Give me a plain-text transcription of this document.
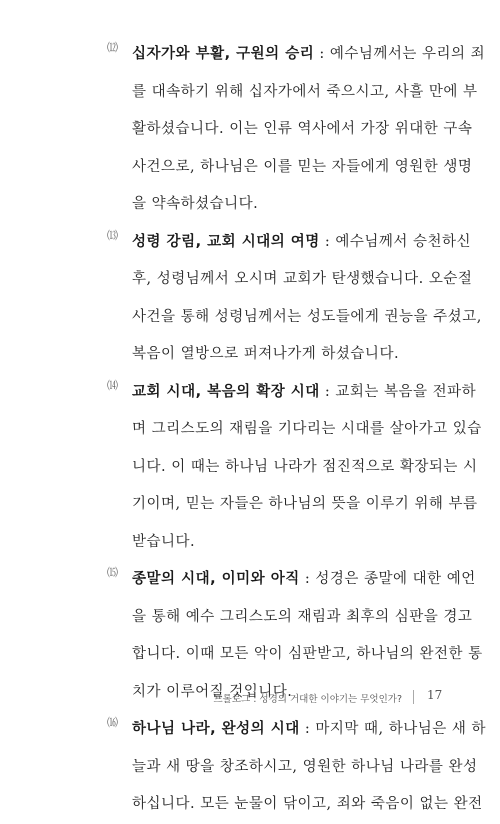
⑿ 십자가와 부활, 구원의 승리 : 예수님께서는 우리의 죄
를 대속하기 위해 십자가에서 죽으시고, 사흘 만에 부
활하셨습니다. 이는 인류 역사에서 가장 위대한 구속
사건으로, 하나님은 이를 믿는 자들에게 영원한 생명
을 약속하셨습니다.
⒀ 성령 강림, 교회 시대의 여명 : 예수님께서 승천하신
후, 성령님께서 오시며 교회가 탄생했습니다. 오순절
사건을 통해 성령님께서는 성도들에게 권능을 주셨고,
복음이 열방으로 퍼져나가게 하셨습니다.
⒁ 교회 시대, 복음의 확장 시대 : 교회는 복음을 전파하
며 그리스도의 재림을 기다리는 시대를 살아가고 있습
니다. 이 때는 하나님 나라가 점진적으로 확장되는 시
기이며, 믿는 자들은 하나님의 뜻을 이루기 위해 부름
받습니다.
⒂ 종말의 시대, 이미와 아직 : 성경은 종말에 대한 예언
을 통해 예수 그리스도의 재림과 최후의 심판을 경고
합니다. 이때 모든 악이 심판받고, 하나님의 완전한 통
치가 이루어질 것입니다.
⒃ 하나님 나라, 완성의 시대 : 마지막 때, 하나님은 새 하
늘과 새 땅을 창조하시고, 영원한 하나님 나라를 완성
하십니다. 모든 눈물이 닦이고, 죄와 죽음이 없는 완전
프롤로그 : 성경의 거대한 이야기는 무엇인가? 17
